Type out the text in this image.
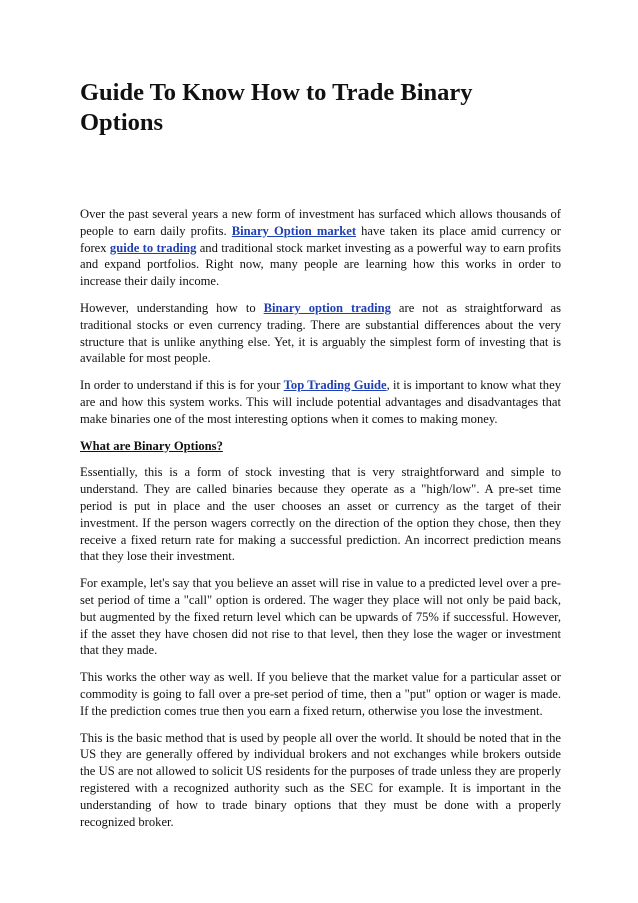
Guide To Know How to Trade Binary Options

Over the past several years a new form of investment has surfaced which allows thousands of people to earn daily profits. Binary Option market have taken its place amid currency or forex guide to trading and traditional stock market investing as a powerful way to earn profits and expand portfolios. Right now, many people are learning how this works in order to increase their daily income.

However, understanding how to Binary option trading are not as straightforward as traditional stocks or even currency trading. There are substantial differences about the very structure that is unlike anything else. Yet, it is arguably the simplest form of investing that is available for most people.

In order to understand if this is for your Top Trading Guide, it is important to know what they are and how this system works. This will include potential advantages and disadvantages that make binaries one of the most interesting options when it comes to making money.

What are Binary Options?

Essentially, this is a form of stock investing that is very straightforward and simple to understand. They are called binaries because they operate as a "high/low". A pre-set time period is put in place and the user chooses an asset or currency as the target of their investment. If the person wagers correctly on the direction of the option they chose, then they receive a fixed return rate for making a successful prediction. An incorrect prediction means that they lose their investment.

For example, let's say that you believe an asset will rise in value to a predicted level over a pre-set period of time a "call" option is ordered. The wager they place will not only be paid back, but augmented by the fixed return level which can be upwards of 75% if successful. However, if the asset they have chosen did not rise to that level, then they lose the wager or investment that they made.

This works the other way as well. If you believe that the market value for a particular asset or commodity is going to fall over a pre-set period of time, then a "put" option or wager is made. If the prediction comes true then you earn a fixed return, otherwise you lose the investment.

This is the basic method that is used by people all over the world. It should be noted that in the US they are generally offered by individual brokers and not exchanges while brokers outside the US are not allowed to solicit US residents for the purposes of trade unless they are properly registered with a recognized authority such as the SEC for example. It is important in the understanding of how to trade binary options that they must be done with a properly recognized broker.
